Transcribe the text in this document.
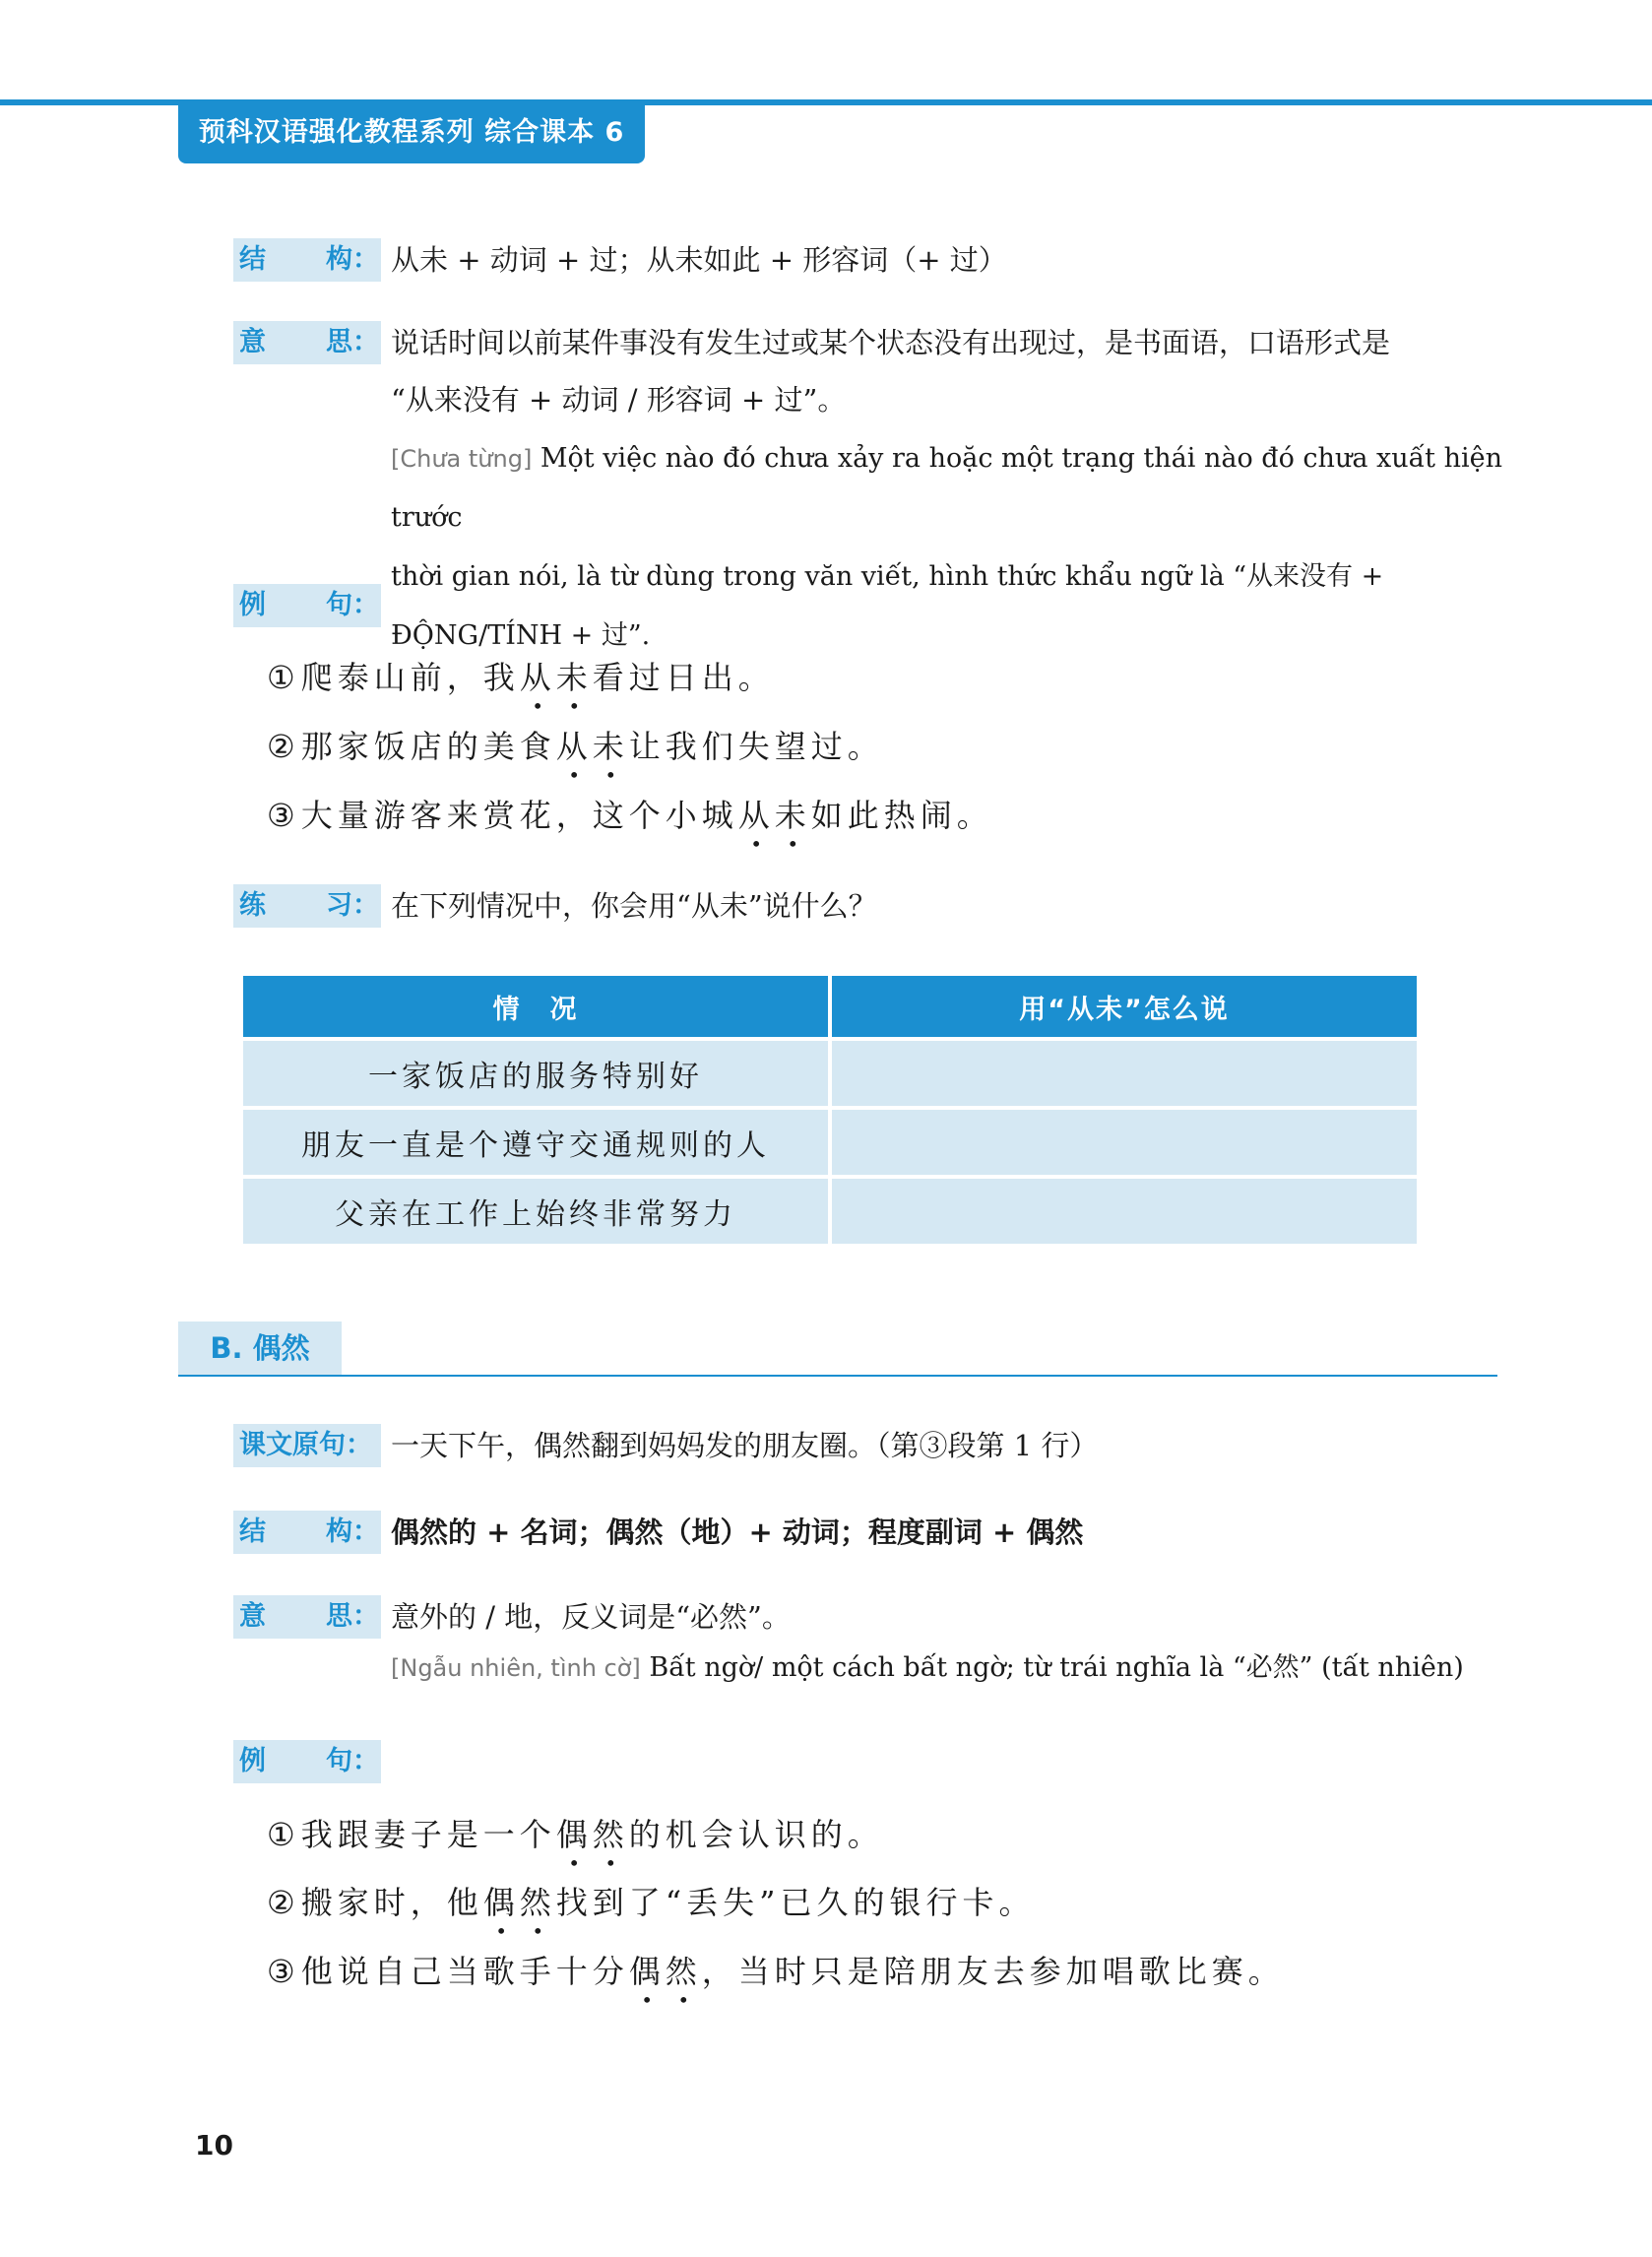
预科汉语强化教程系列 综合课本 6
结 构： 从未 + 动词 + 过；从未如此 + 形容词（+ 过）
意 思： 说话时间以前某件事没有发生过或某个状态没有出现过，是书面语，口语形式是
“从来没有 + 动词 / 形容词 + 过”。
[Chưa từng] Một việc nào đó chưa xảy ra hoặc một trạng thái nào đó chưa xuất hiện trước
thời gian nói, là từ dùng trong văn viết, hình thức khẩu ngữ là “从来没有 + ĐỘNG/TÍNH + 过”.
例 句：
① 爬泰山前，我从未看过日出。
② 那家饭店的美食从未让我们失望过。
③ 大量游客来赏花，这个小城从未如此热闹。
练 习： 在下列情况中，你会用“从未”说什么？
情　况	用“从未”怎么说
一家饭店的服务特别好	
朋友一直是个遵守交通规则的人	
父亲在工作上始终非常努力	
B. 偶然
课文原句： 一天下午，偶然翻到妈妈发的朋友圈。（第③段第 1 行）
结 构： 偶然的 + 名词；偶然（地）+ 动词；程度副词 + 偶然
意 思： 意外的 / 地，反义词是“必然”。
[Ngẫu nhiên, tình cờ] Bất ngờ/ một cách bất ngờ; từ trái nghĩa là “必然” (tất nhiên)
例 句：
① 我跟妻子是一个偶然的机会认识的。
② 搬家时，他偶然找到了“丢失”已久的银行卡。
③ 他说自己当歌手十分偶然，当时只是陪朋友去参加唱歌比赛。
10
